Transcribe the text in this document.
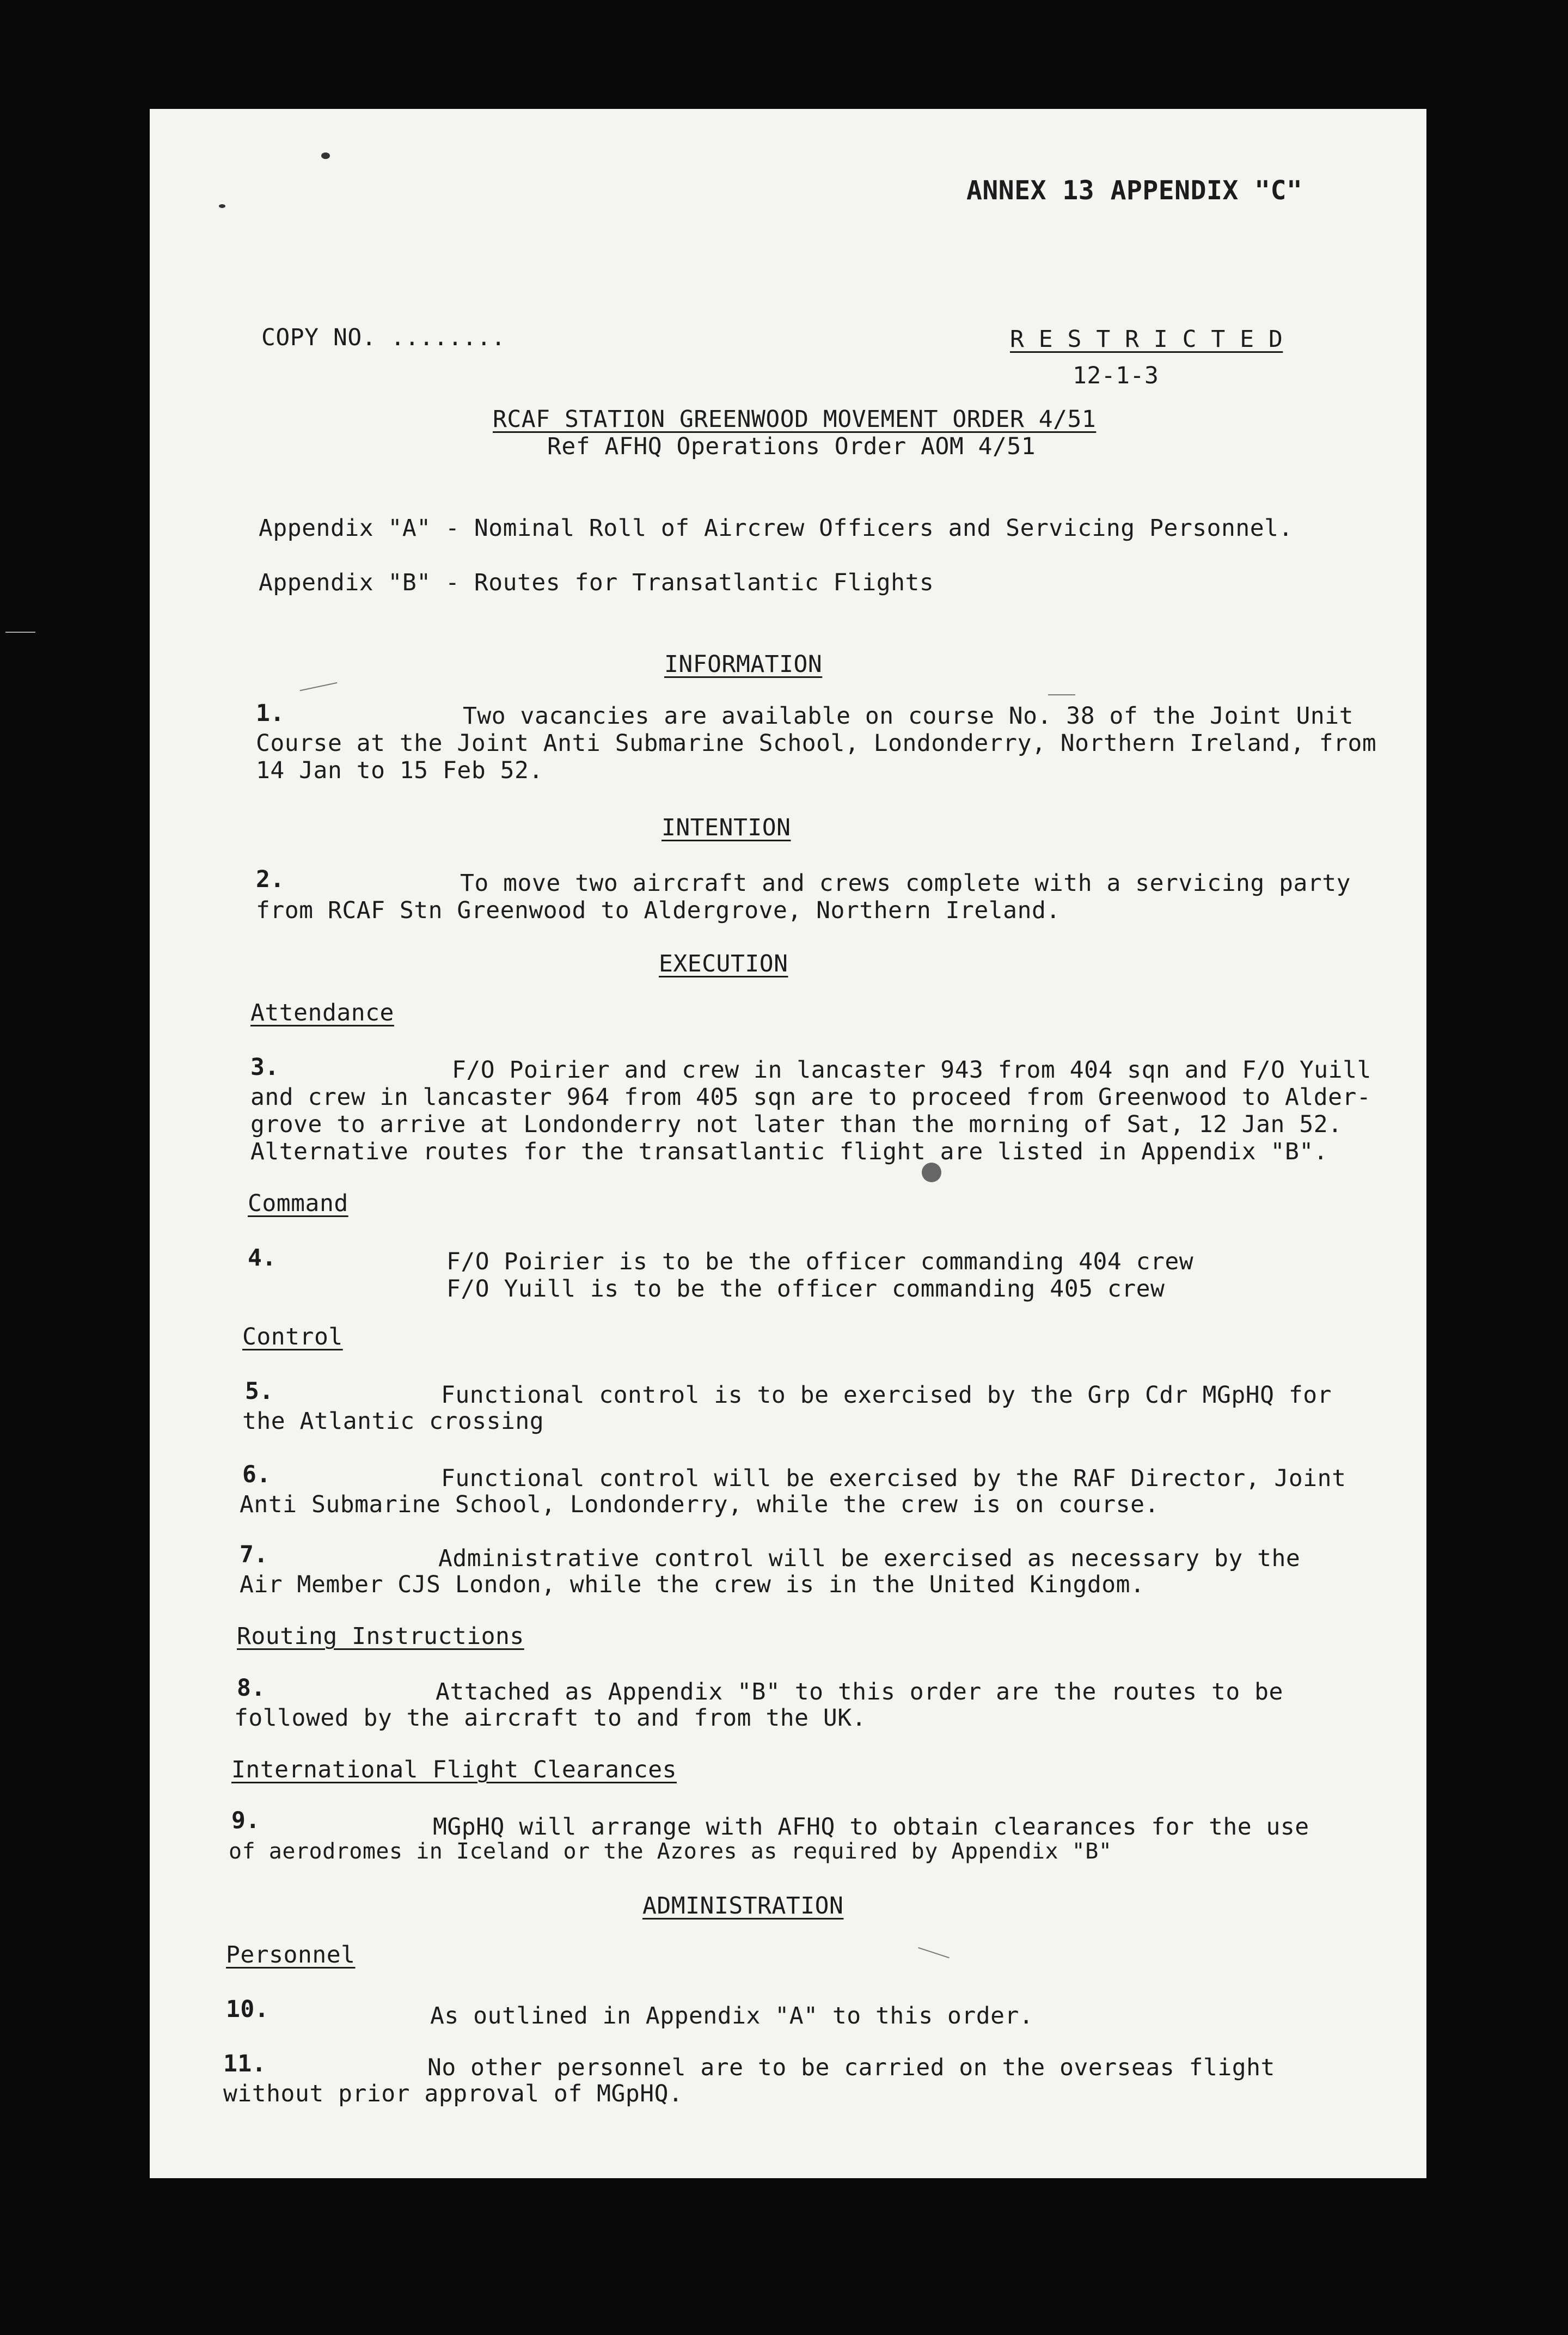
ANNEX 13 APPENDIX "C"
COPY NO. ........	R E S T R I C T E D
12-1-3
RCAF STATION GREENWOOD MOVEMENT ORDER 4/51
Ref AFHQ Operations Order AOM 4/51
Appendix "A" - Nominal Roll of Aircrew Officers and Servicing Personnel.
Appendix "B" - Routes for Transatlantic Flights
INFORMATION
1.	Two vacancies are available on course No. 38 of the Joint Unit
Course at the Joint Anti Submarine School, Londonderry, Northern Ireland, from
14 Jan to 15 Feb 52.
INTENTION
2.	To move two aircraft and crews complete with a servicing party
from RCAF Stn Greenwood to Aldergrove, Northern Ireland.
EXECUTION
Attendance
3.	F/O Poirier and crew in lancaster 943 from 404 sqn and F/O Yuill
and crew in lancaster 964 from 405 sqn are to proceed from Greenwood to Alder-
grove to arrive at Londonderry not later than the morning of Sat, 12 Jan 52.
Alternative routes for the transatlantic flight are listed in Appendix "B".
Command
4.	F/O Poirier is to be the officer commanding 404 crew
F/O Yuill is to be the officer commanding 405 crew
Control
5.	Functional control is to be exercised by the Grp Cdr MGpHQ for
the Atlantic crossing
6.	Functional control will be exercised by the RAF Director, Joint
Anti Submarine School, Londonderry, while the crew is on course.
7.	Administrative control will be exercised as necessary by the
Air Member CJS London, while the crew is in the United Kingdom.
Routing Instructions
8.	Attached as Appendix "B" to this order are the routes to be
followed by the aircraft to and from the UK.
International Flight Clearances
9.	MGpHQ will arrange with AFHQ to obtain clearances for the use
of aerodromes in Iceland or the Azores as required by Appendix "B"
ADMINISTRATION
Personnel
10.	As outlined in Appendix "A" to this order.
11.	No other personnel are to be carried on the overseas flight
without prior approval of MGpHQ.
